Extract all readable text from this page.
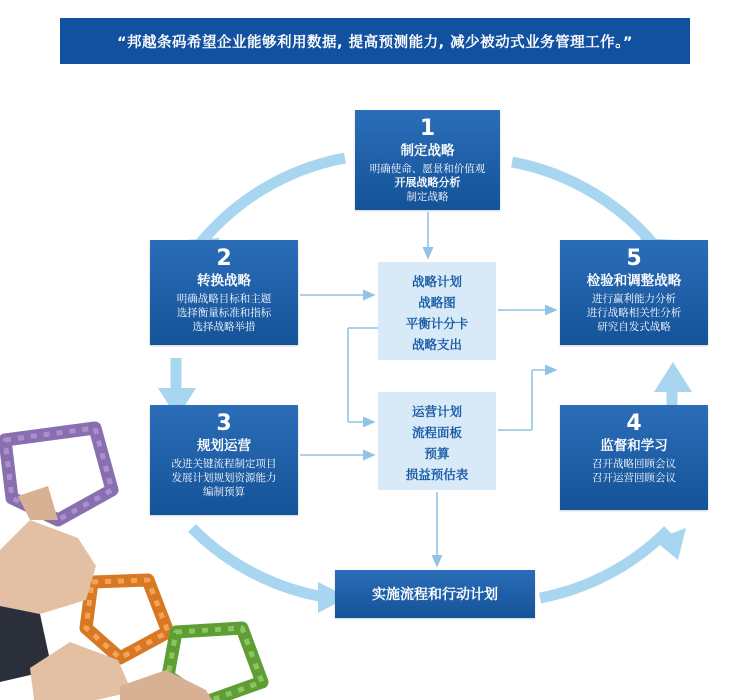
“邦越条码希望企业能够利用数据, 提高预测能力, 减少被动式业务管理工作。”
1
制定战略
明确使命、愿景和价值观
开展战略分析
制定战略
2
转换战略
明确战略目标和主题
选择衡量标准和指标
选择战略举措
5
检验和调整战略
进行赢利能力分析
进行战略相关性分析
研究自发式战略
3
规划运营
改进关键流程制定项目
发展计划规划资源能力
编制预算
4
监督和学习
召开战略回顾会议
召开运营回顾会议
战略计划
战略图
平衡计分卡
战略支出
运营计划
流程面板
预算
损益预估表
实施流程和行动计划
